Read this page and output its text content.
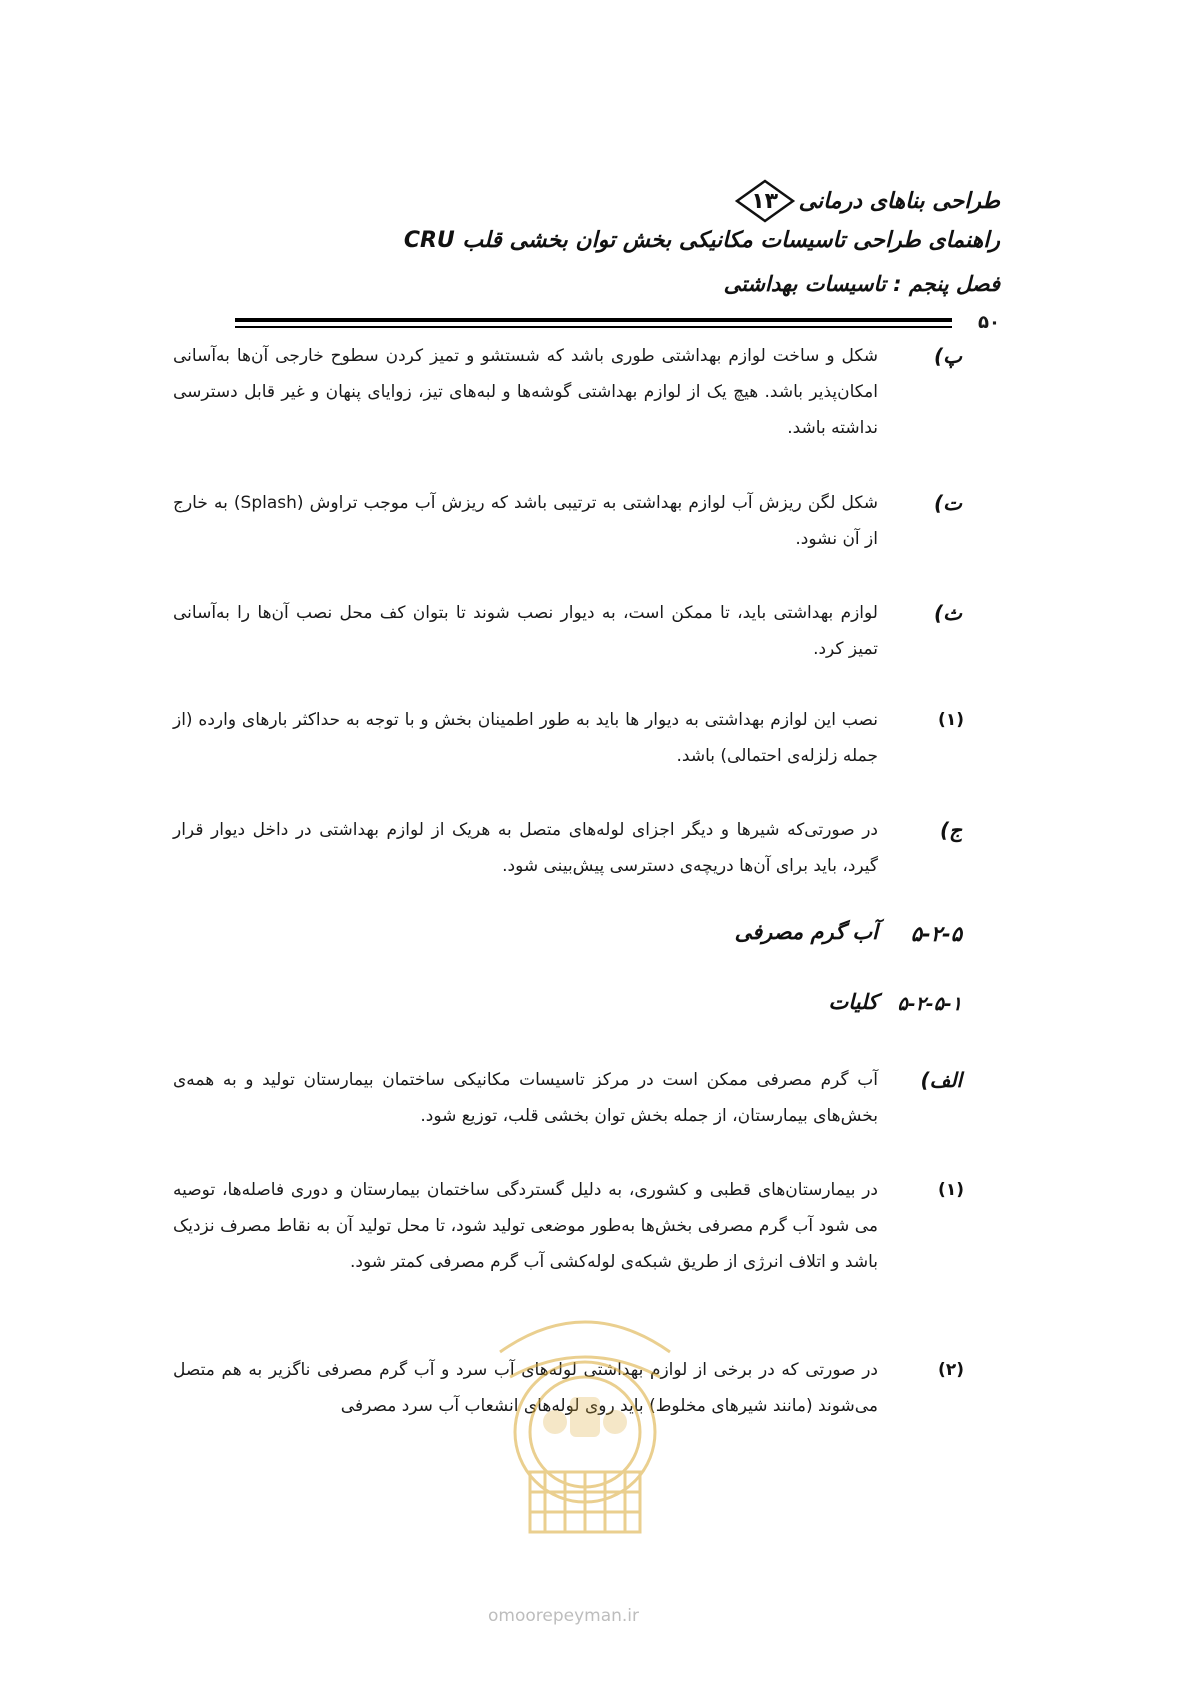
طراحی بناهای درمانی
۱۳
راهنمای طراحی تاسیسات مکانیکی بخش توان بخشی قلب CRU
فصل پنجم : تاسیسات بهداشتی
۵۰
پ)
شکل و ساخت لوازم بهداشتی طوری باشد که شستشو و تمیز کردن سطوح خارجی آن‌ها به‌آسانی امکان‌پذیر باشد. هیچ یک از لوازم بهداشتی گوشه‌ها و لبه‌های تیز، زوایای پنهان و غیر قابل دسترسی نداشته باشد.
ت)
شکل لگن ریزش آب لوازم بهداشتی به ترتیبی باشد که ریزش آب موجب تراوش (Splash) به خارج از آن نشود.
ث)
لوازم بهداشتی باید، تا ممکن است، به دیوار نصب شوند تا بتوان کف محل نصب آن‌ها را به‌آسانی تمیز کرد.
(۱)
نصب این لوازم بهداشتی به دیوار ها باید به طور اطمینان بخش و با توجه به حداکثر بارهای وارده (از جمله زلزله‌ی احتمالی) باشد.
ج)
در صورتی‌که شیرها و دیگر اجزای لوله‌های متصل به هریک از لوازم بهداشتی در داخل دیوار قرار گیرد، باید برای آن‌ها دریچه‌ی دسترسی پیش‌بینی شود.
۵-۲-۵
آب گرم مصرفی
۵-۲-۵-۱
کلیات
الف)
آب گرم مصرفی ممکن است در مرکز تاسیسات مکانیکی ساختمان بیمارستان تولید و به همه‌ی بخش‌های بیمارستان، از جمله بخش توان بخشی قلب، توزیع شود.
(۱)
در بیمارستان‌های قطبی و کشوری، به دلیل گستردگی ساختمان بیمارستان و دوری فاصله‌ها، توصیه می شود آب گرم مصرفی بخش‌ها به‌طور موضعی تولید شود، تا محل تولید آن به نقاط مصرف نزدیک باشد و اتلاف انرژی از طریق شبکه‌ی لوله‌کشی آب گرم مصرفی کمتر شود.
(۲)
در صورتی که در برخی از لوازم بهداشتی لوله‌های آب سرد و آب گرم مصرفی ناگزیر به هم متصل می‌شوند (مانند شیرهای مخلوط) باید روی لوله‌های انشعاب آب سرد مصرفی
omoorepeyman.ir
